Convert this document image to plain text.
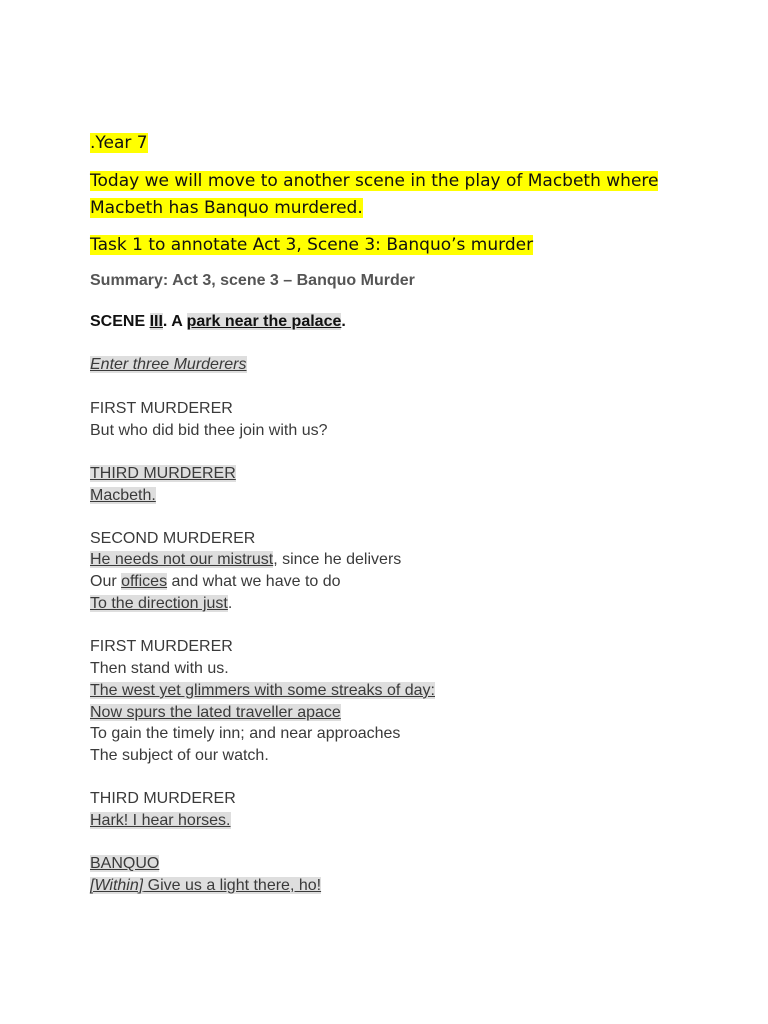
.Year 7

Today we will move to another scene in the play of Macbeth where
Macbeth has Banquo murdered.

Task 1 to annotate Act 3, Scene 3: Banquo’s murder

Summary: Act 3, scene 3 – Banquo Murder

SCENE III. A park near the palace.

Enter three Murderers

FIRST MURDERER

But who did bid thee join with us?

THIRD MURDERER

Macbeth.

SECOND MURDERER

He needs not our mistrust, since he delivers

Our offices and what we have to do

To the direction just.

FIRST MURDERER

Then stand with us.

The west yet glimmers with some streaks of day:

Now spurs the lated traveller apace

To gain the timely inn; and near approaches

The subject of our watch.

THIRD MURDERER

Hark! I hear horses.

BANQUO

[Within] Give us a light there, ho!
